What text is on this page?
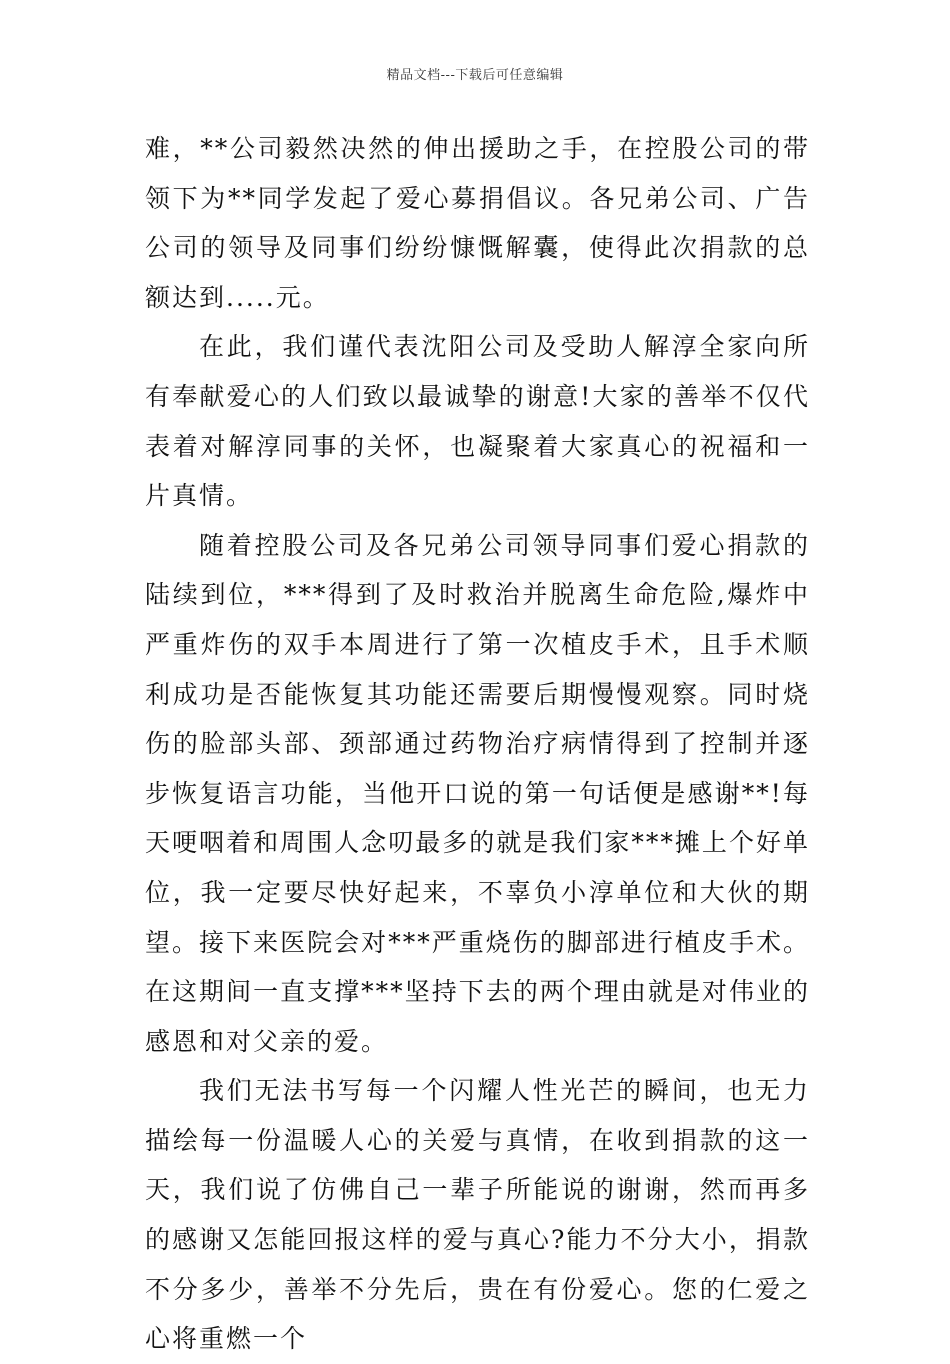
精品文档---下载后可任意编辑

难，**公司毅然决然的伸出援助之手，在控股公司的带领下为**同学发起了爱心募捐倡议。各兄弟公司、广告公司的领导及同事们纷纷慷慨解囊，使得此次捐款的总额达到.....元。

在此，我们谨代表沈阳公司及受助人解淳全家向所有奉献爱心的人们致以最诚挚的谢意!大家的善举不仅代表着对解淳同事的关怀，也凝聚着大家真心的祝福和一片真情。

随着控股公司及各兄弟公司领导同事们爱心捐款的陆续到位，***得到了及时救治并脱离生命危险,爆炸中严重炸伤的双手本周进行了第一次植皮手术，且手术顺利成功是否能恢复其功能还需要后期慢慢观察。同时烧伤的脸部头部、颈部通过药物治疗病情得到了控制并逐步恢复语言功能，当他开口说的第一句话便是感谢**!每天哽咽着和周围人念叨最多的就是我们家***摊上个好单位，我一定要尽快好起来，不辜负小淳单位和大伙的期望。接下来医院会对***严重烧伤的脚部进行植皮手术。在这期间一直支撑***坚持下去的两个理由就是对伟业的感恩和对父亲的爱。

我们无法书写每一个闪耀人性光芒的瞬间，也无力描绘每一份温暖人心的关爱与真情，在收到捐款的这一天，我们说了仿佛自己一辈子所能说的谢谢，然而再多的感谢又怎能回报这样的爱与真心?能力不分大小，捐款不分多少，善举不分先后，贵在有份爱心。您的仁爱之心将重燃一个
